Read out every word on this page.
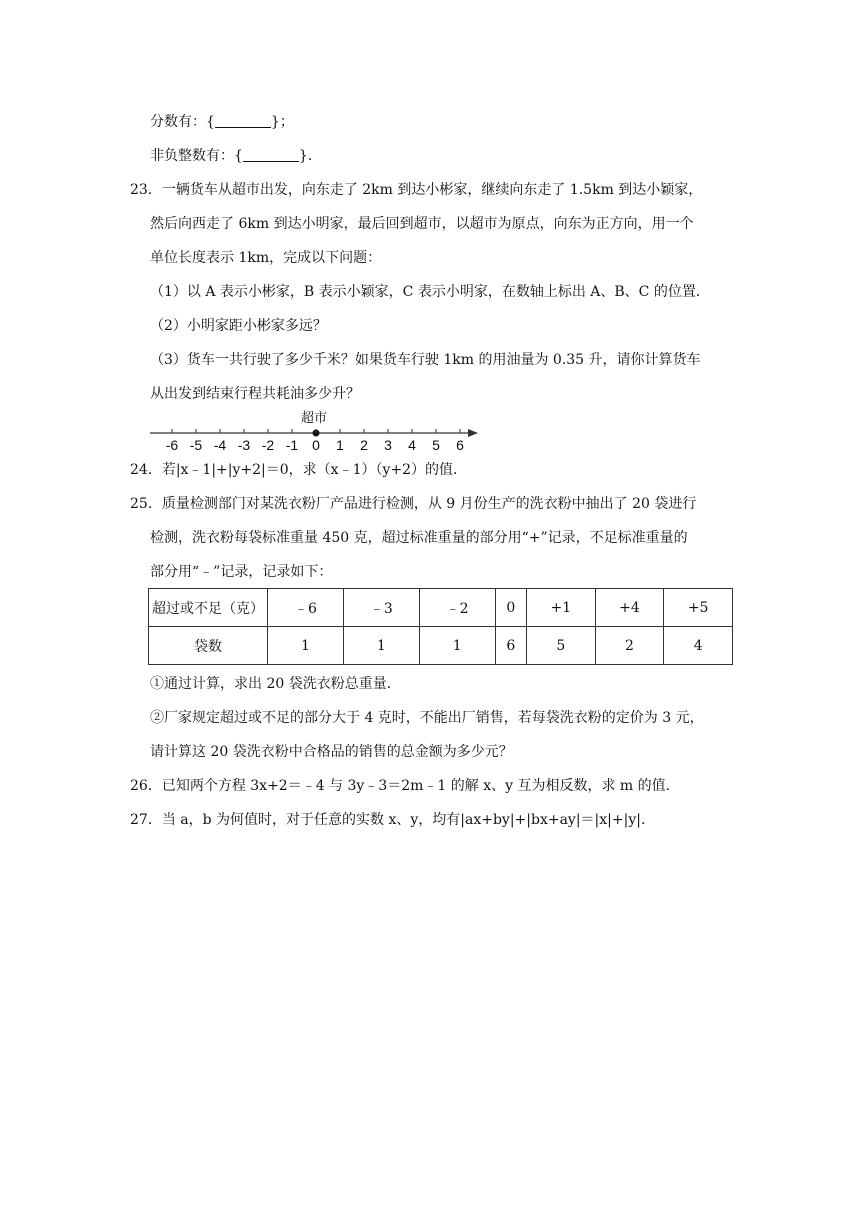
分数有：{	}；
非负整数有：{	}．
23．一辆货车从超市出发，向东走了 2km 到达小彬家，继续向东走了 1.5km 到达小颖家，
然后向西走了 6km 到达小明家，最后回到超市，以超市为原点，向东为正方向，用一个
单位长度表示 1km，完成以下问题：
（1）以 A 表示小彬家，B 表示小颖家，C 表示小明家，在数轴上标出 A、B、C 的位置．
（2）小明家距小彬家多远？
（3）货车一共行驶了多少千米？如果货车行驶 1km 的用油量为 0.35 升，请你计算货车
从出发到结束行程共耗油多少升？
超市
-6 -5 -4 -3 -2 -1 0 1 2 3 4 5 6
24．若|x﹣1|+|y+2|＝0，求（x﹣1）（y+2）的值．
25．质量检测部门对某洗衣粉厂产品进行检测，从 9 月份生产的洗衣粉中抽出了 20 袋进行
检测，洗衣粉每袋标准重量 450 克，超过标准重量的部分用“+”记录，不足标准重量的
部分用“﹣”记录，记录如下：
超过或不足（克）	﹣6	﹣3	﹣2	0	+1	+4	+5
袋数	1	1	1	6	5	2	4
①通过计算，求出 20 袋洗衣粉总重量．
②厂家规定超过或不足的部分大于 4 克时，不能出厂销售，若每袋洗衣粉的定价为 3 元，
请计算这 20 袋洗衣粉中合格品的销售的总金额为多少元？
26．已知两个方程 3x+2＝﹣4 与 3y﹣3＝2m﹣1 的解 x、y 互为相反数，求 m 的值．
27．当 a，b 为何值时，对于任意的实数 x、y，均有|ax+by|+|bx+ay|＝|x|+|y|．
